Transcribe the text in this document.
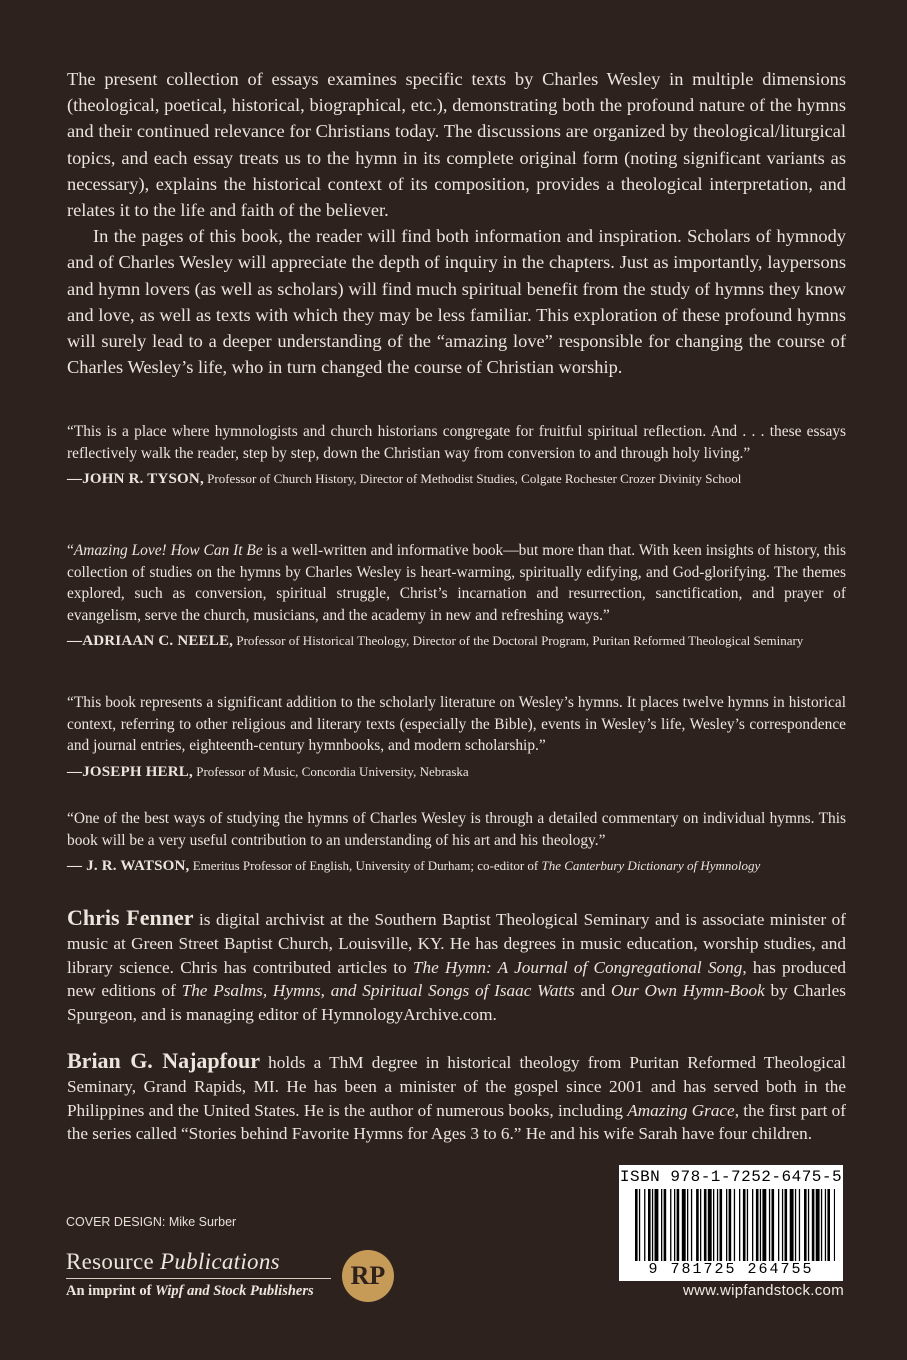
The present collection of essays examines specific texts by Charles Wesley in multiple dimensions (theological, poetical, historical, biographical, etc.), demonstrating both the profound nature of the hymns and their continued relevance for Christians today. The discussions are organized by theological/liturgical topics, and each essay treats us to the hymn in its complete original form (noting significant variants as necessary), explains the historical context of its composition, provides a theological interpretation, and relates it to the life and faith of the believer.

In the pages of this book, the reader will find both information and inspiration. Scholars of hymnody and of Charles Wesley will appreciate the depth of inquiry in the chapters. Just as importantly, laypersons and hymn lovers (as well as scholars) will find much spiritual benefit from the study of hymns they know and love, as well as texts with which they may be less familiar. This exploration of these profound hymns will surely lead to a deeper understanding of the “amazing love” responsible for changing the course of Charles Wesley’s life, who in turn changed the course of Christian worship.

“This is a place where hymnologists and church historians congregate for fruitful spiritual reflection. And . . . these essays reflectively walk the reader, step by step, down the Christian way from conversion to and through holy living.”

—JOHN R. TYSON, Professor of Church History, Director of Methodist Studies, Colgate Rochester Crozer Divinity School

“Amazing Love! How Can It Be is a well-written and informative book—but more than that. With keen insights of history, this collection of studies on the hymns by Charles Wesley is heart-warming, spiritually edifying, and God-glorifying. The themes explored, such as conversion, spiritual struggle, Christ’s incarnation and resurrection, sanctification, and prayer of evangelism, serve the church, musicians, and the academy in new and refreshing ways.”

—ADRIAAN C. NEELE, Professor of Historical Theology, Director of the Doctoral Program, Puritan Reformed Theological Seminary

“This book represents a significant addition to the scholarly literature on Wesley’s hymns. It places twelve hymns in historical context, referring to other religious and literary texts (especially the Bible), events in Wesley’s life, Wesley’s correspondence and journal entries, eighteenth-century hymnbooks, and modern scholarship.”

—JOSEPH HERL, Professor of Music, Concordia University, Nebraska

“One of the best ways of studying the hymns of Charles Wesley is through a detailed commentary on individual hymns. This book will be a very useful contribution to an understanding of his art and his theology.”

— J. R. WATSON, Emeritus Professor of English, University of Durham; co-editor of The Canterbury Dictionary of Hymnology

Chris Fenner is digital archivist at the Southern Baptist Theological Seminary and is associate minister of music at Green Street Baptist Church, Louisville, KY. He has degrees in music education, worship studies, and library science. Chris has contributed articles to The Hymn: A Journal of Congregational Song, has produced new editions of The Psalms, Hymns, and Spiritual Songs of Isaac Watts and Our Own Hymn-Book by Charles Spurgeon, and is managing editor of HymnologyArchive.com.
Brian G. Najapfour holds a ThM degree in historical theology from Puritan Reformed Theological Seminary, Grand Rapids, MI. He has been a minister of the gospel since 2001 and has served both in the Philippines and the United States. He is the author of numerous books, including Amazing Grace, the first part of the series called “Stories behind Favorite Hymns for Ages 3 to 6.” He and his wife Sarah have four children.
COVER DESIGN: Mike Surber
Resource Publications
An imprint of Wipf and Stock Publishers
RP
ISBN 978-1-7252-6475-5
9 781725 264755
www.wipfandstock.com
